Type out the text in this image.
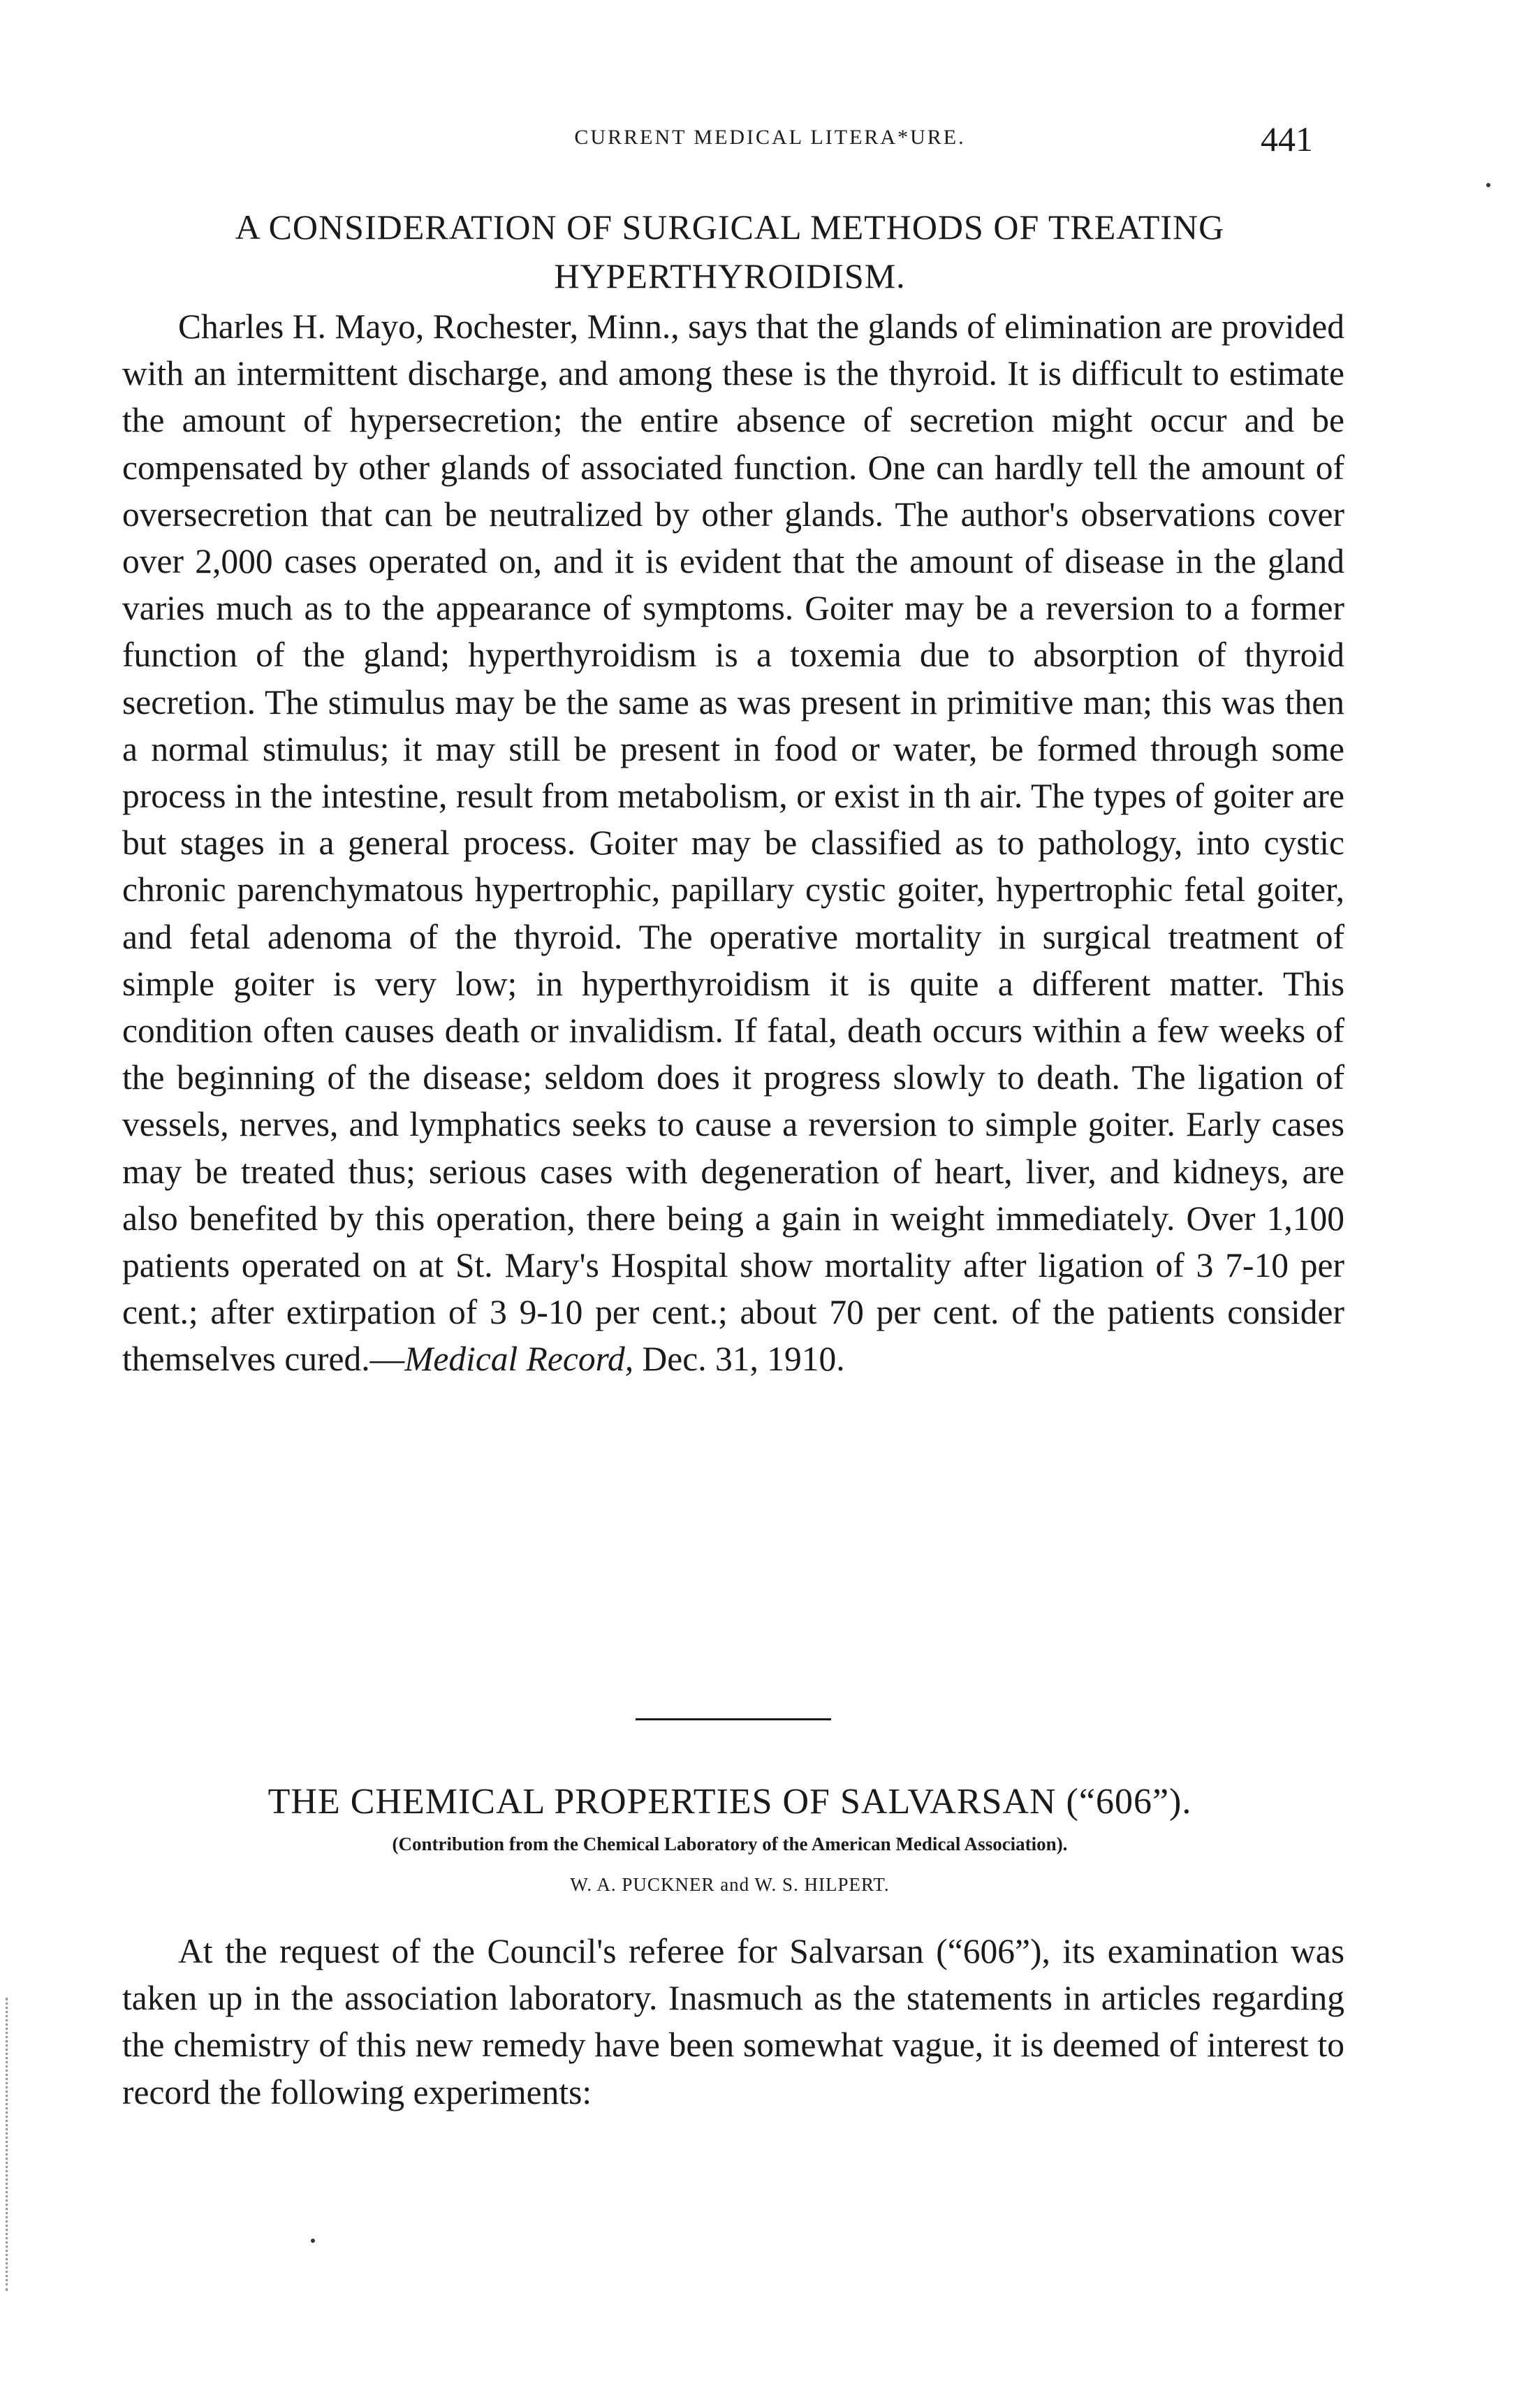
CURRENT MEDICAL LITERA*URE.	441
A CONSIDERATION OF SURGICAL METHODS OF TREATING
HYPERTHYROIDISM.

Charles H. Mayo, Rochester, Minn., says that the glands of elimination are provided with an intermittent discharge, and among these is the thyroid. It is difficult to estimate the amount of hypersecretion; the entire absence of secretion might occur and be compensated by other glands of associated function. One can hardly tell the amount of oversecretion that can be neutralized by other glands. The author's observations cover over 2,000 cases operated on, and it is evident that the amount of disease in the gland varies much as to the appearance of symptoms. Goiter may be a reversion to a former function of the gland; hyperthyroidism is a toxemia due to absorption of thyroid secretion. The stimulus may be the same as was present in primitive man; this was then a normal stimulus; it may still be present in food or water, be formed through some process in the intestine, result from metabolism, or exist in th air. The types of goiter are but stages in a general process. Goiter may be classified as to pathology, into cystic chronic parenchymatous hypertrophic, papillary cystic goiter, hypertrophic fetal goiter, and fetal adenoma of the thyroid. The operative mortality in surgical treatment of simple goiter is very low; in hyperthyroidism it is quite a different matter. This condition often causes death or invalidism. If fatal, death occurs within a few weeks of the beginning of the disease; seldom does it progress slowly to death. The ligation of vessels, nerves, and lymphatics seeks to cause a reversion to simple goiter. Early cases may be treated thus; serious cases with degeneration of heart, liver, and kidneys, are also benefited by this operation, there being a gain in weight immediately. Over 1,100 patients operated on at St. Mary's Hospital show mortality after ligation of 3 7-10 per cent.; after extirpation of 3 9-10 per cent.; about 70 per cent. of the patients consider themselves cured.—Medical Record, Dec. 31, 1910.

THE CHEMICAL PROPERTIES OF SALVARSAN (“606”).
(Contribution from the Chemical Laboratory of the American Medical Association).
W. A. PUCKNER and W. S. HILPERT.

At the request of the Council's referee for Salvarsan (“606”), its examination was taken up in the association laboratory. Inasmuch as the statements in articles regarding the chemistry of this new remedy have been somewhat vague, it is deemed of interest to record the following experiments:
